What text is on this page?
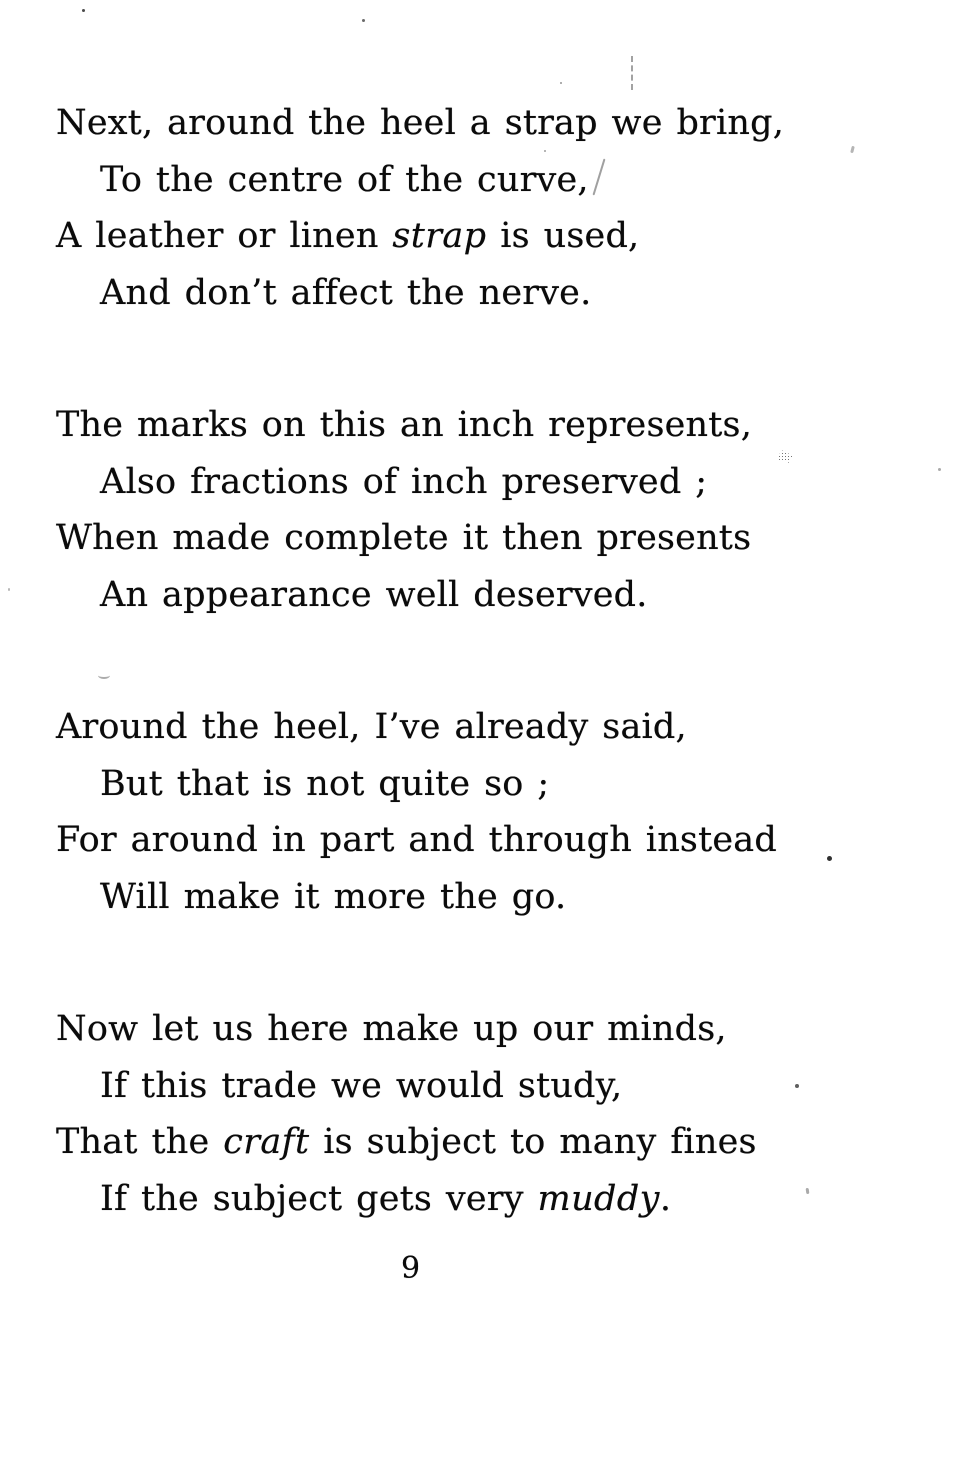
Next, around the heel a strap we bring,

To the centre of the curve,

A leather or linen strap is used,

And don’t affect the nerve.

The marks on this an inch represents,

Also fractions of inch preserved ;

When made complete it then presents

An appearance well deserved.

Around the heel, I’ve already said,

But that is not quite so ;

For around in part and through instead

Will make it more the go.

Now let us here make up our minds,

If this trade we would study,

That the craft is subject to many fines

If the subject gets very muddy.

9
